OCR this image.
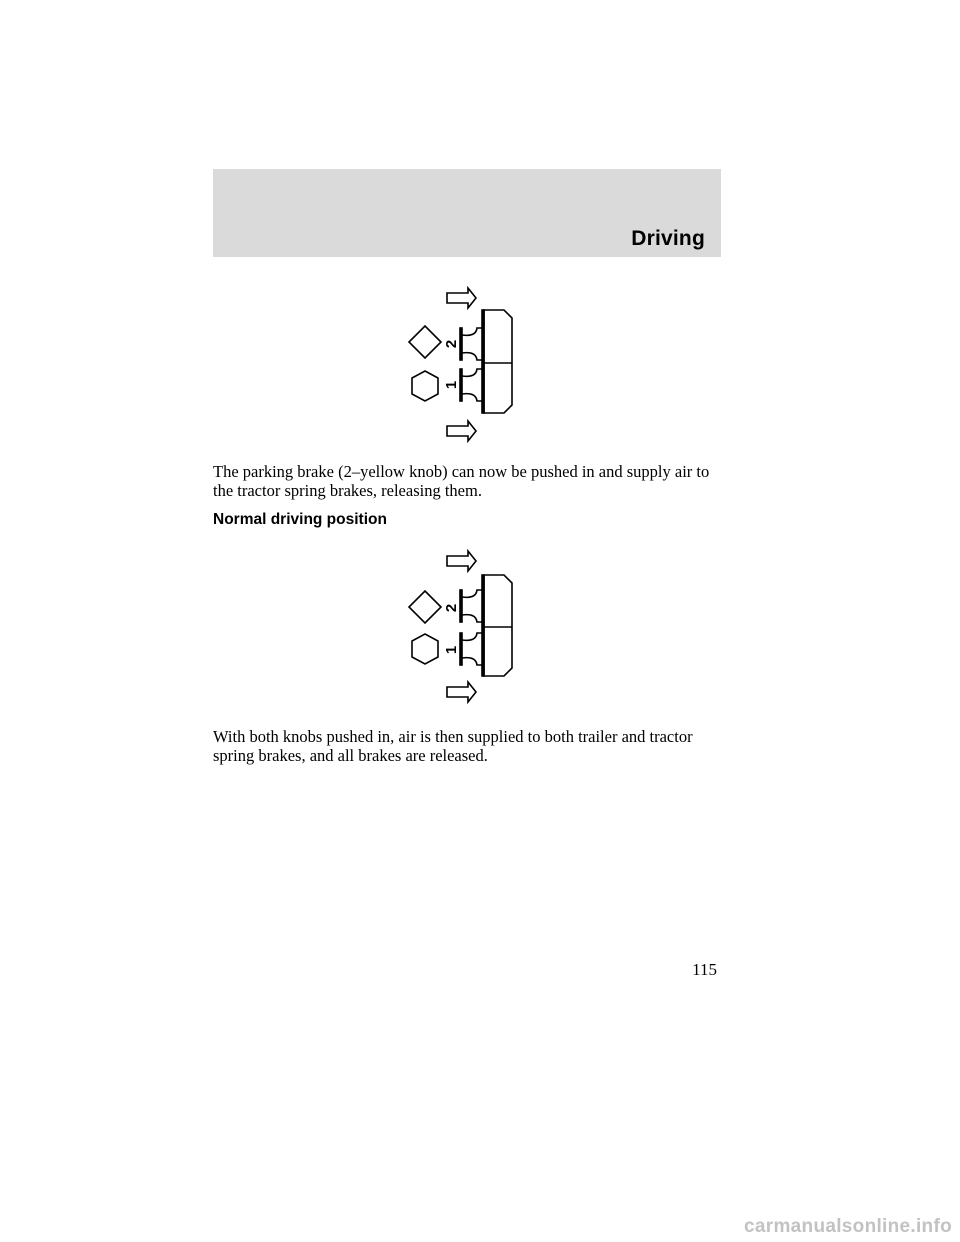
Driving
2
1

The parking brake (2–yellow knob) can now be pushed in and supply air to the tractor spring brakes, releasing them.

Normal driving position
2
1

With both knobs pushed in, air is then supplied to both trailer and tractor spring brakes, and all brakes are released.

115
carmanualsonline.info
